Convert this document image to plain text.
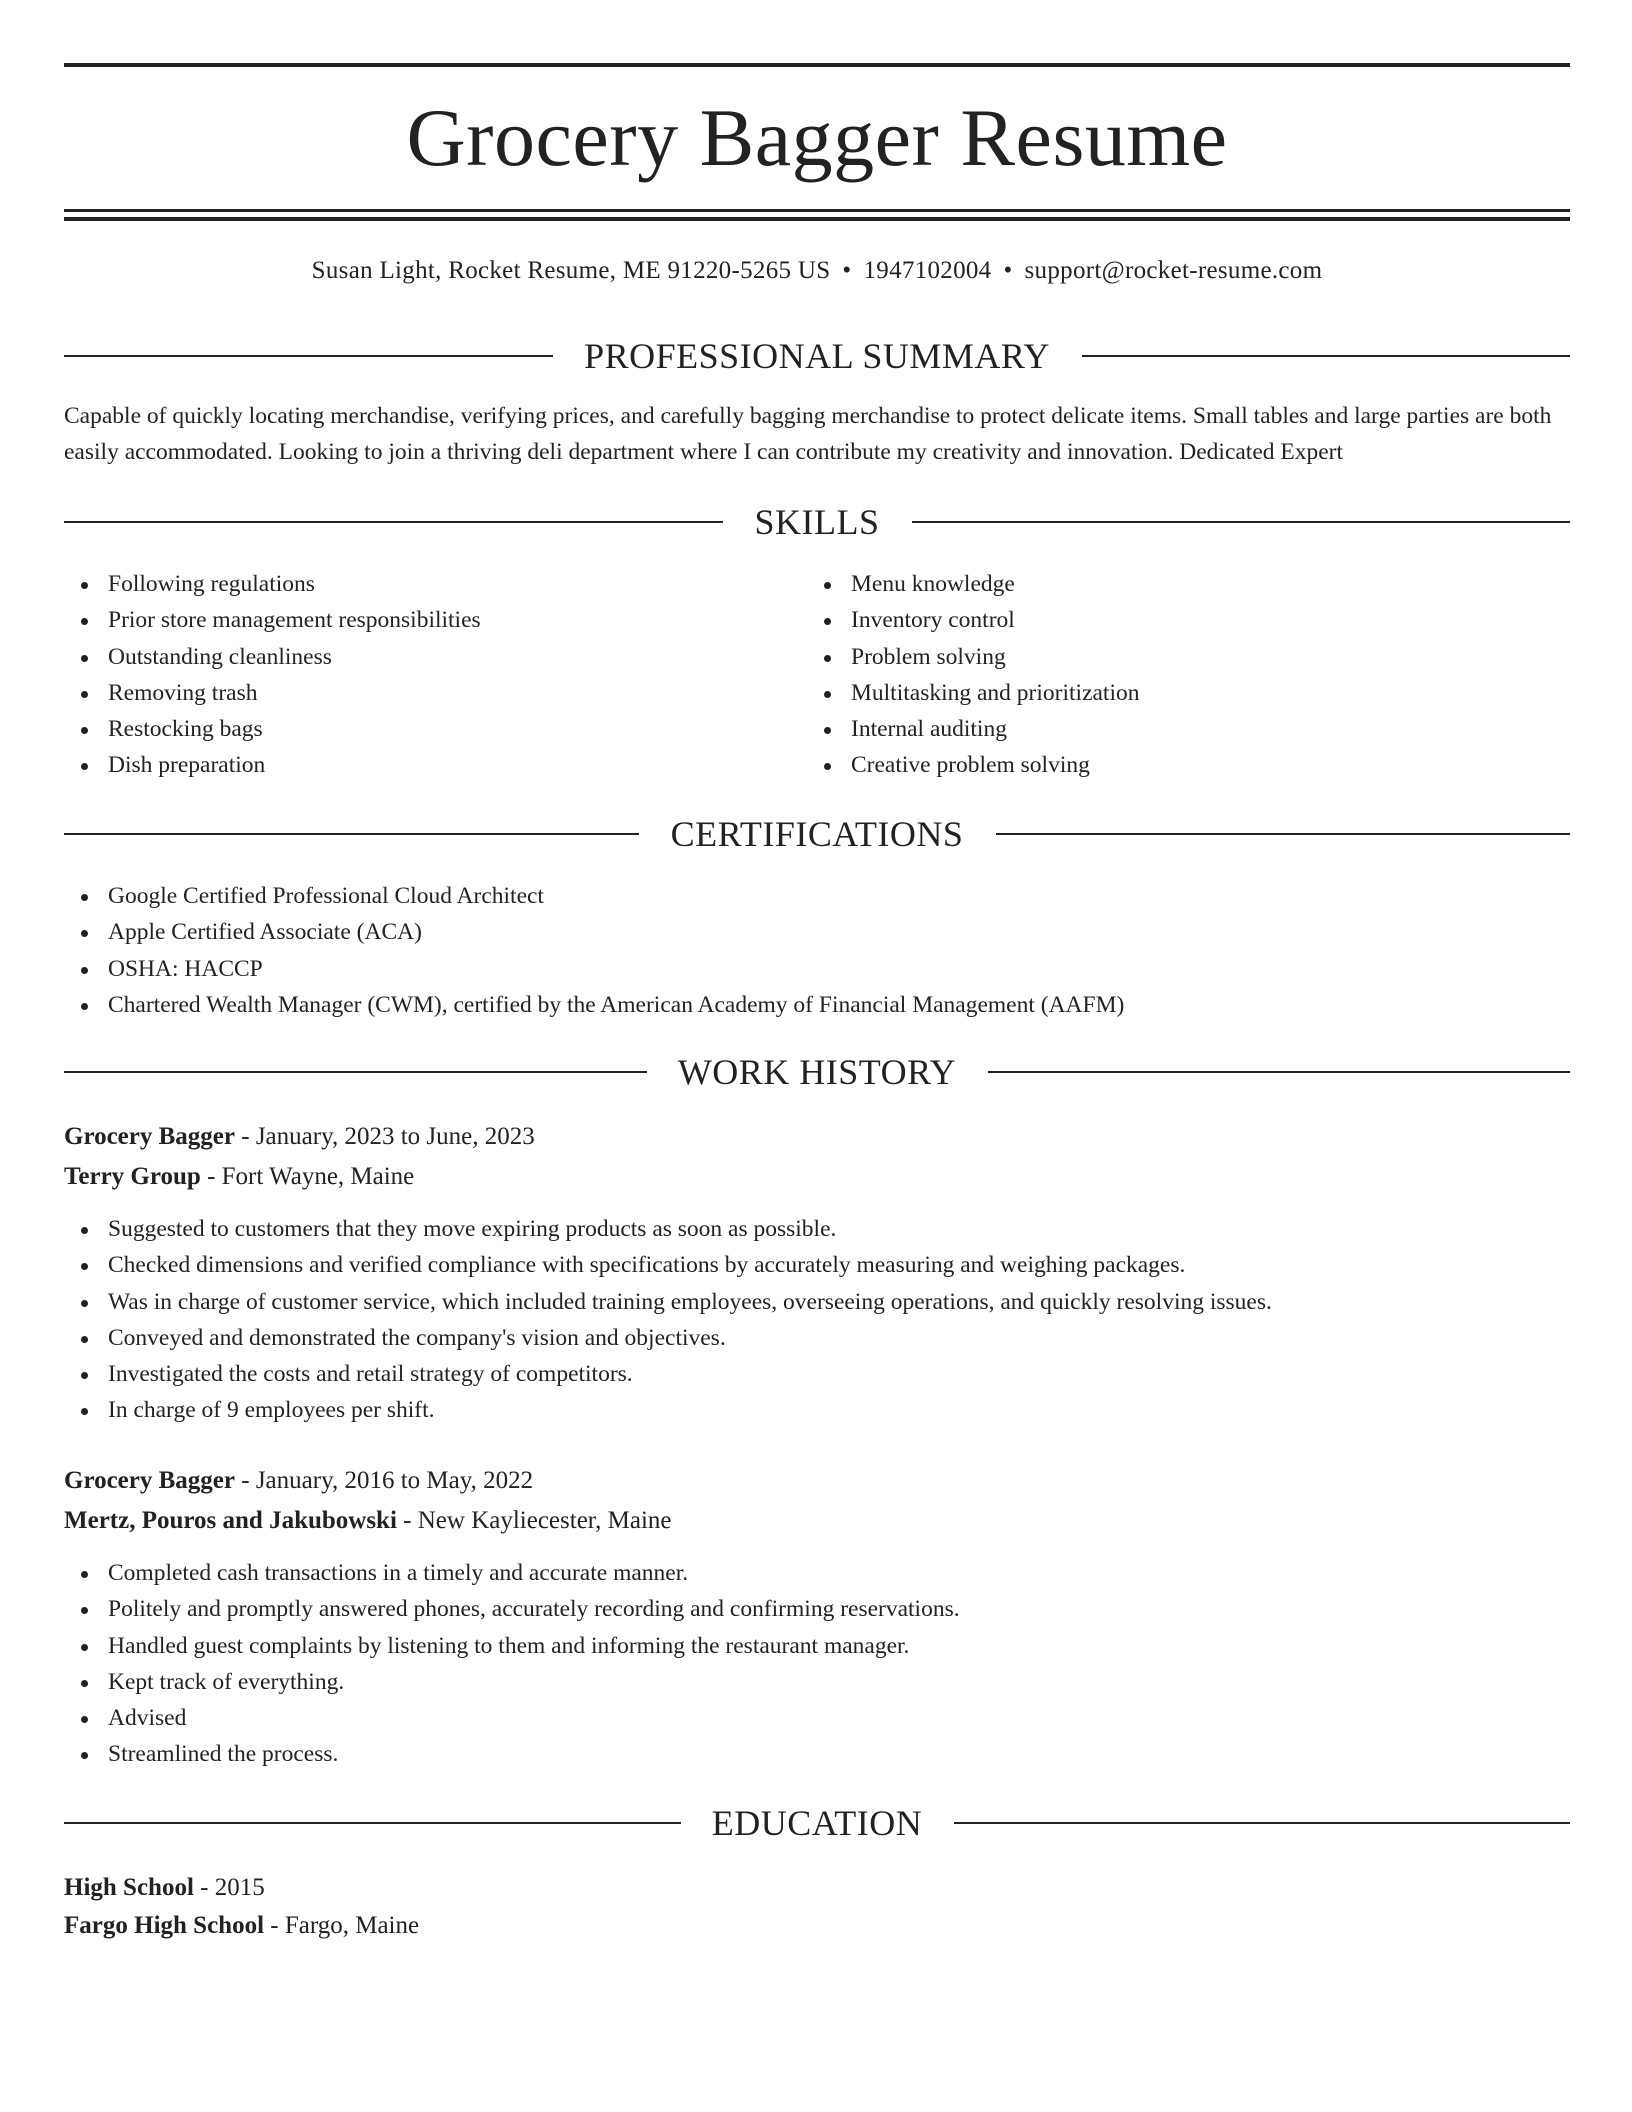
Grocery Bagger Resume
Susan Light, Rocket Resume, ME 91220-5265 US • 1947102004 • support@rocket-resume.com
PROFESSIONAL SUMMARY
Capable of quickly locating merchandise, verifying prices, and carefully bagging merchandise to protect delicate items. Small tables and large parties are both easily accommodated. Looking to join a thriving deli department where I can contribute my creativity and innovation. Dedicated Expert
SKILLS
Following regulations
Prior store management responsibilities
Outstanding cleanliness
Removing trash
Restocking bags
Dish preparation
Menu knowledge
Inventory control
Problem solving
Multitasking and prioritization
Internal auditing
Creative problem solving
CERTIFICATIONS
Google Certified Professional Cloud Architect
Apple Certified Associate (ACA)
OSHA: HACCP
Chartered Wealth Manager (CWM), certified by the American Academy of Financial Management (AAFM)
WORK HISTORY
Grocery Bagger - January, 2023 to June, 2023
Terry Group - Fort Wayne, Maine
Suggested to customers that they move expiring products as soon as possible.
Checked dimensions and verified compliance with specifications by accurately measuring and weighing packages.
Was in charge of customer service, which included training employees, overseeing operations, and quickly resolving issues.
Conveyed and demonstrated the company's vision and objectives.
Investigated the costs and retail strategy of competitors.
In charge of 9 employees per shift.
Grocery Bagger - January, 2016 to May, 2022
Mertz, Pouros and Jakubowski - New Kayliecester, Maine
Completed cash transactions in a timely and accurate manner.
Politely and promptly answered phones, accurately recording and confirming reservations.
Handled guest complaints by listening to them and informing the restaurant manager.
Kept track of everything.
Advised
Streamlined the process.
EDUCATION
High School - 2015
Fargo High School - Fargo, Maine
